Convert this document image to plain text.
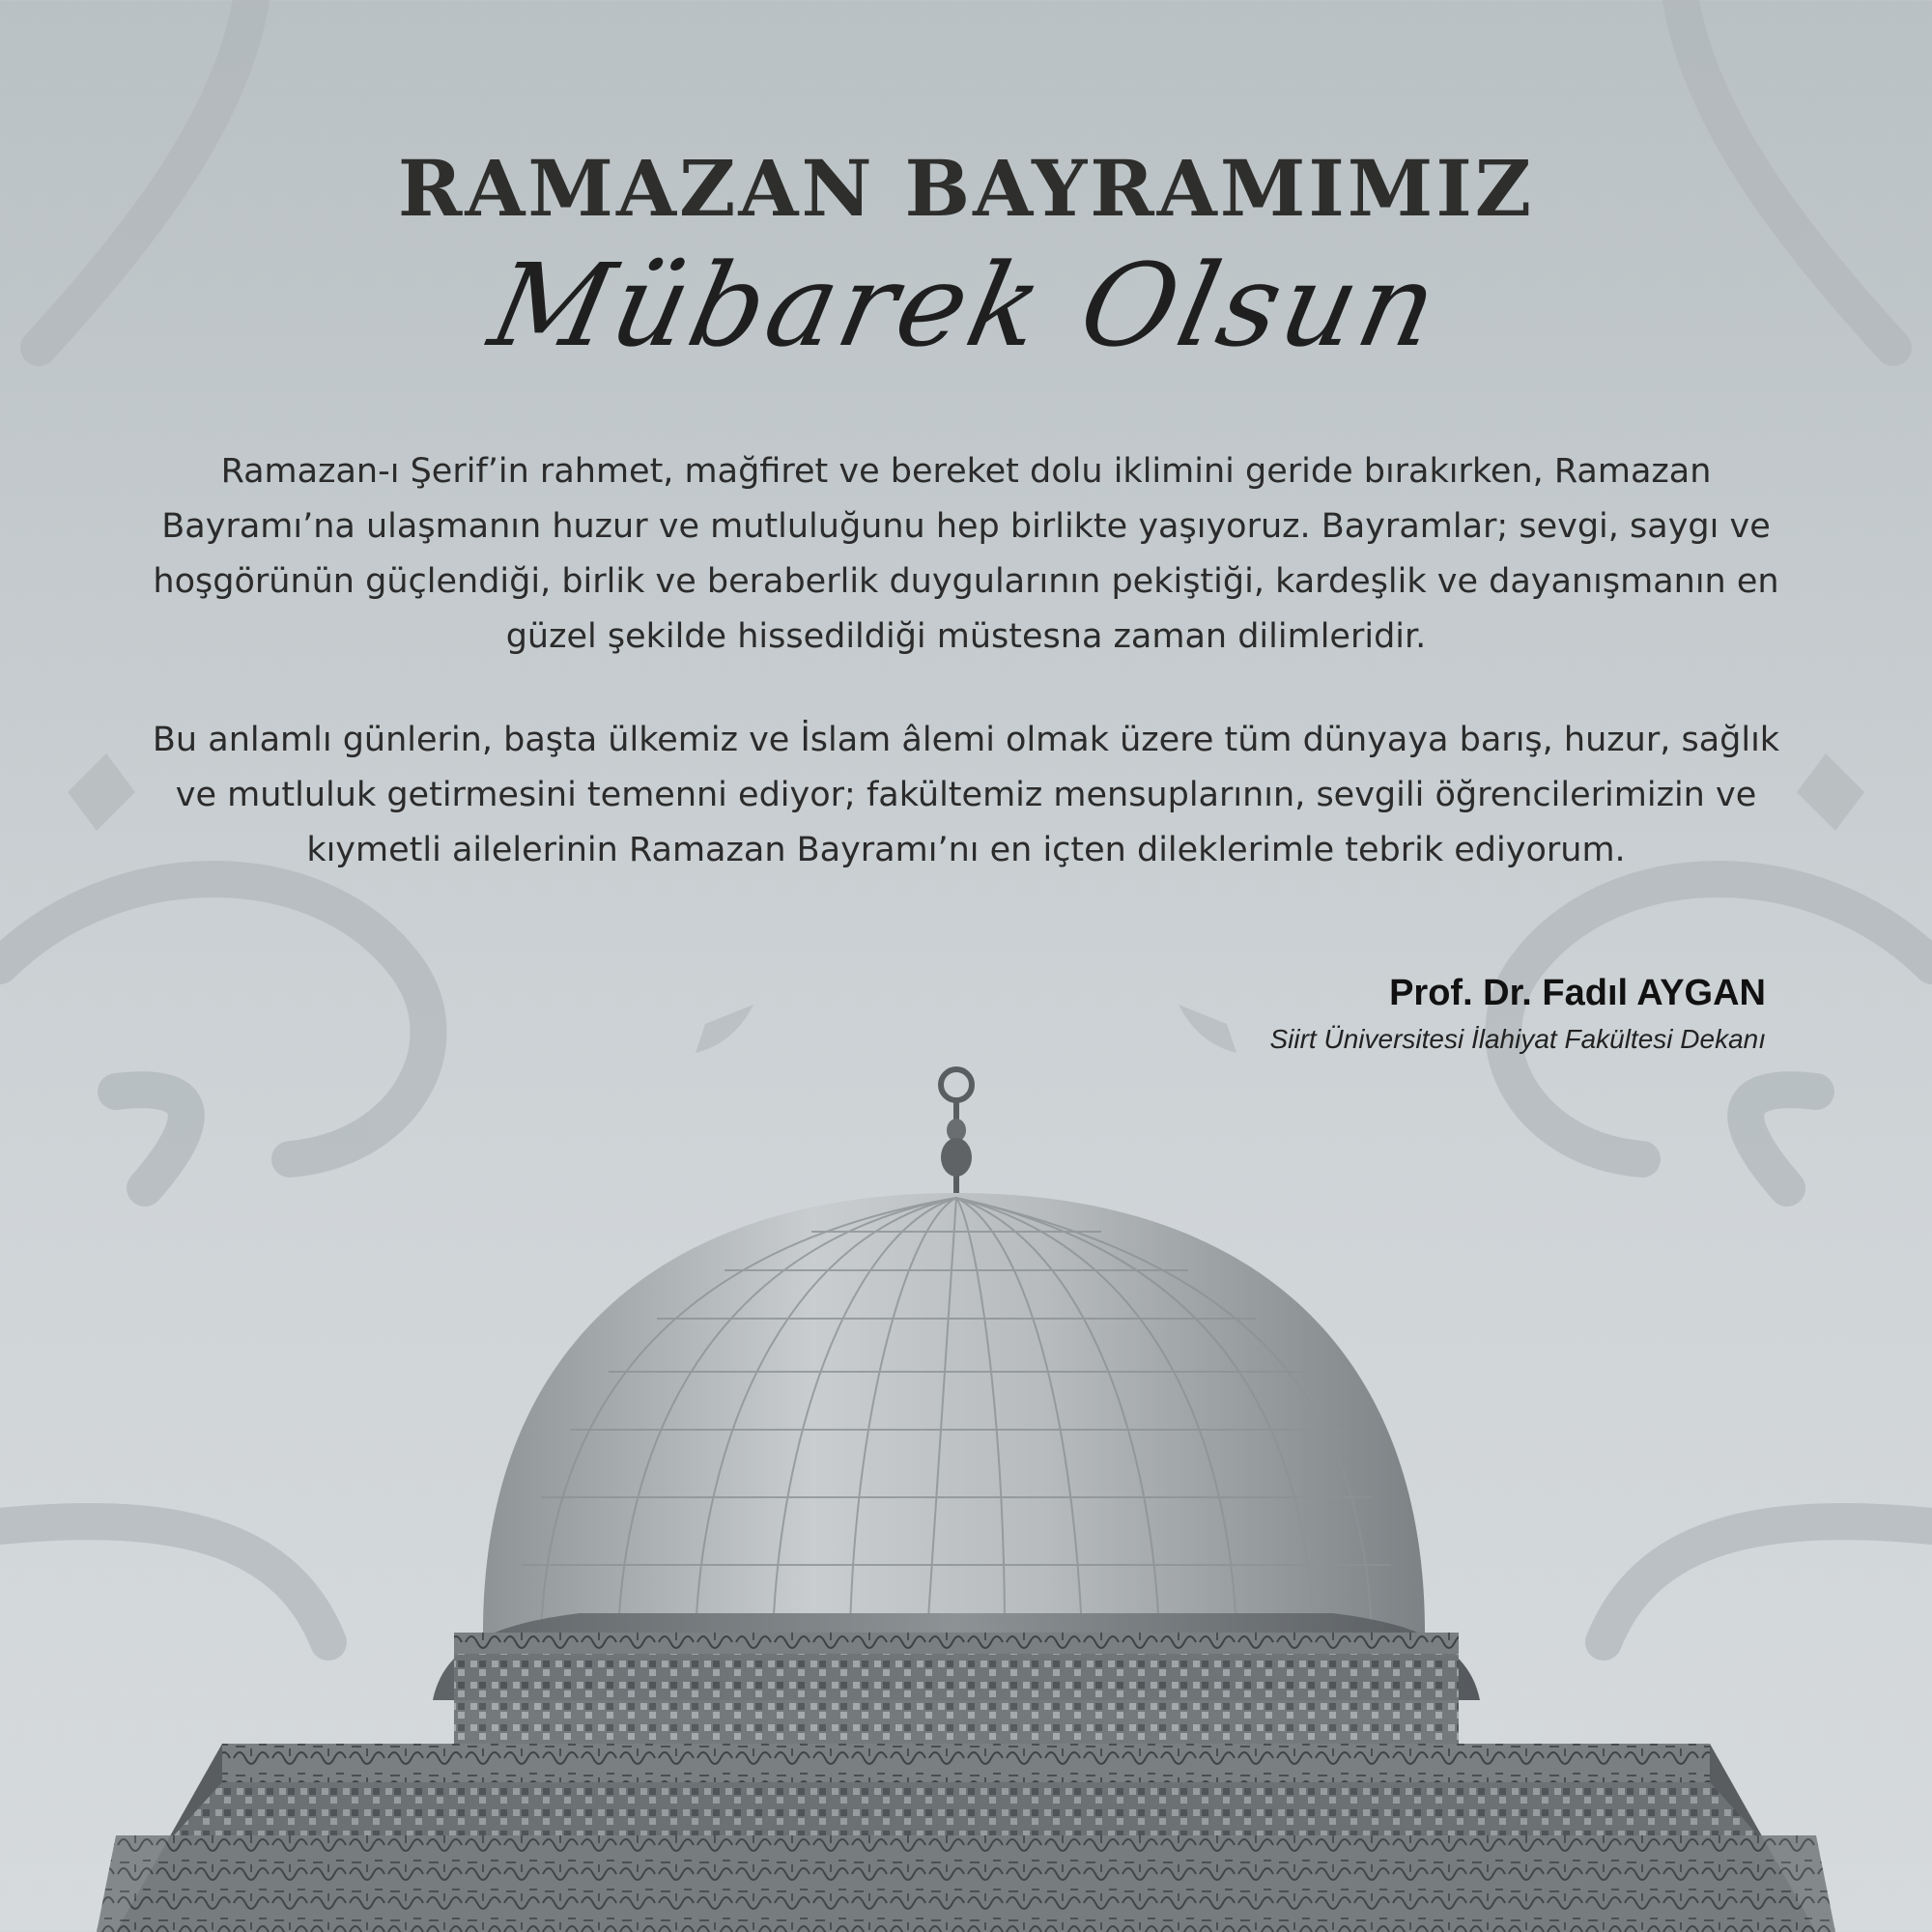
RAMAZAN BAYRAMIMIZ
Mübarek Olsun

Ramazan-ı Şerif’in rahmet, mağfiret ve bereket dolu iklimini geride bırakırken, Ramazan Bayramı’na ulaşmanın huzur ve mutluluğunu hep birlikte yaşıyoruz. Bayramlar; sevgi, saygı ve hoşgörünün güçlendiği, birlik ve beraberlik duygularının pekiştiği, kardeşlik ve dayanışmanın en güzel şekilde hissedildiği müstesna zaman dilimleridir.

Bu anlamlı günlerin, başta ülkemiz ve İslam âlemi olmak üzere tüm dünyaya barış, huzur, sağlık ve mutluluk getirmesini temenni ediyor; fakültemiz mensuplarının, sevgili öğrencilerimizin ve kıymetli ailelerinin Ramazan Bayramı’nı en içten dileklerimle tebrik ediyorum.

Prof. Dr. Fadıl AYGAN
Siirt Üniversitesi İlahiyat Fakültesi Dekanı
